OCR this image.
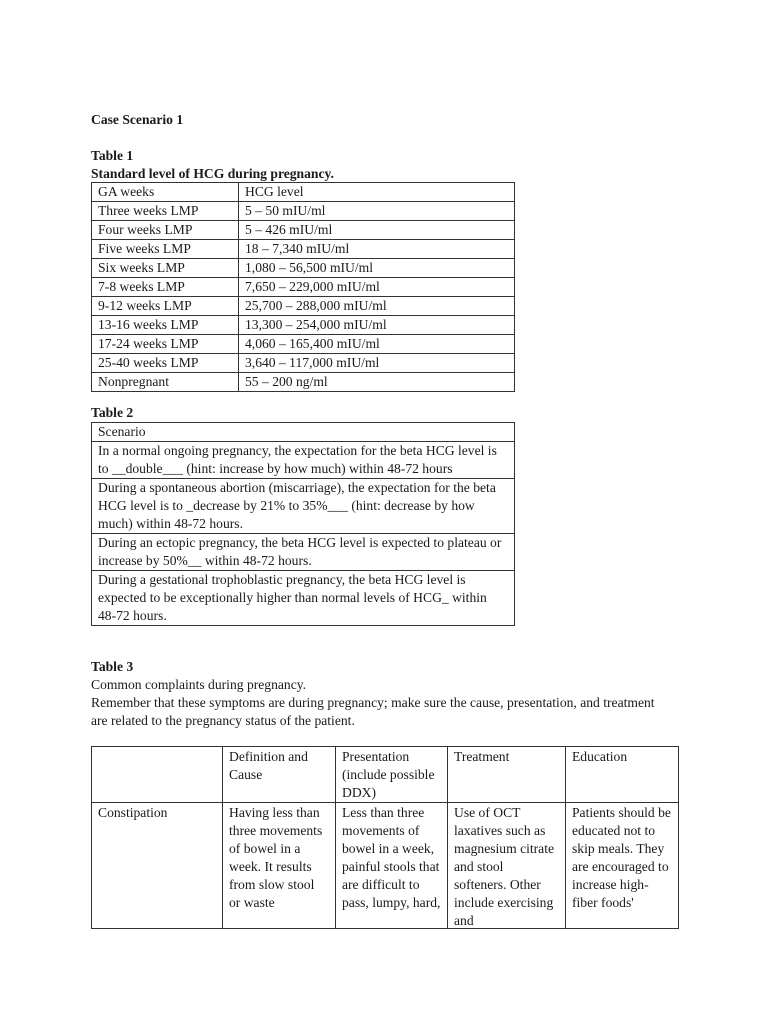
Case Scenario 1
Table 1
Standard level of HCG during pregnancy.
GA weeks	HCG level
Three weeks LMP	5 – 50 mIU/ml
Four weeks LMP	5 – 426 mIU/ml
Five weeks LMP	18 – 7,340 mIU/ml
Six weeks LMP	1,080 – 56,500 mIU/ml
7-8 weeks LMP	7,650 – 229,000 mIU/ml
9-12 weeks LMP	25,700 – 288,000 mIU/ml
13-16 weeks LMP	13,300 – 254,000 mIU/ml
17-24 weeks LMP	4,060 – 165,400 mIU/ml
25-40 weeks LMP	3,640 – 117,000 mIU/ml
Nonpregnant	55 – 200 ng/ml
Table 2
Scenario
In a normal ongoing pregnancy, the expectation for the beta HCG level is to __double___ (hint: increase by how much) within 48-72 hours
During a spontaneous abortion (miscarriage), the expectation for the beta HCG level is to _decrease by 21% to 35%___ (hint: decrease by how much) within 48-72 hours.
During an ectopic pregnancy, the beta HCG level is expected to plateau or increase by 50%__ within 48-72 hours.
During a gestational trophoblastic pregnancy, the beta HCG level is expected to be exceptionally higher than normal levels of HCG_ within 48-72 hours.
Table 3
Common complaints during pregnancy.
Remember that these symptoms are during pregnancy; make sure the cause, presentation, and treatment are related to the pregnancy status of the patient.
	Definition and Cause	Presentation (include possible DDX)	Treatment	Education

Constipation	Having less than three movements of bowel in a week. It results from slow stool or waste	Less than three movements of bowel in a week, painful stools that are difficult to pass, lumpy, hard,	Use of OCT laxatives such as magnesium citrate and stool softeners. Other include exercising and	Patients should be educated not to skip meals. They are encouraged to increase high-fiber foods'
